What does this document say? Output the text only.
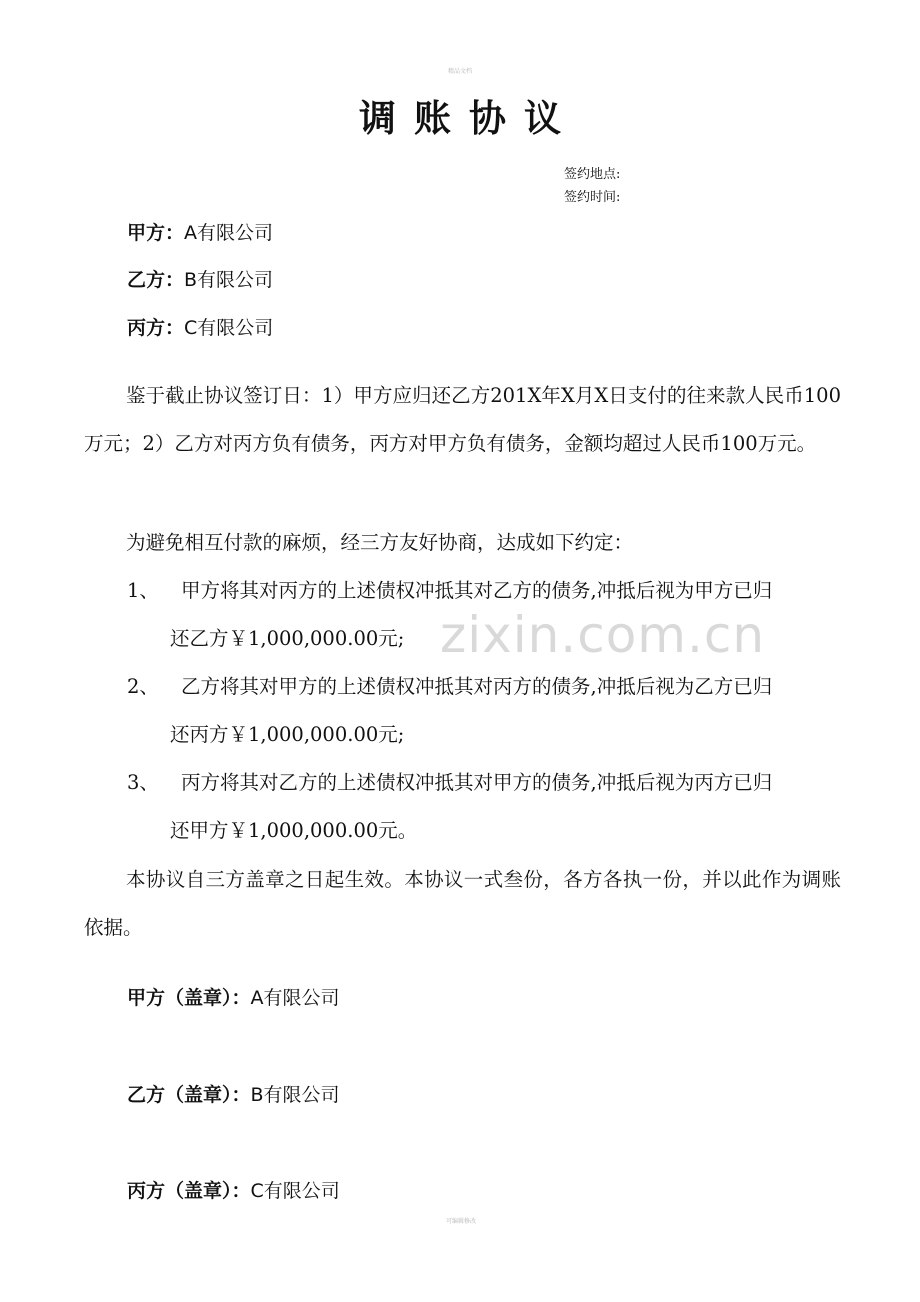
精品文档
调账协议
签约地点:
签约时间:
甲方：A有限公司
乙方：B有限公司
丙方：C有限公司

鉴于截止协议签订日：1）甲方应归还乙方201X年X月X日支付的往来款人民币100万元；2）乙方对丙方负有债务，丙方对甲方负有债务，金额均超过人民币100万元。

为避免相互付款的麻烦，经三方友好协商，达成如下约定：

1、 甲方将其对丙方的上述债权冲抵其对乙方的债务,冲抵后视为甲方已归
还乙方￥1,000,000.00元;
2、 乙方将其对甲方的上述债权冲抵其对丙方的债务,冲抵后视为乙方已归
还丙方￥1,000,000.00元;
3、 丙方将其对乙方的上述债权冲抵其对甲方的债务,冲抵后视为丙方已归
还甲方￥1,000,000.00元。

本协议自三方盖章之日起生效。本协议一式叁份，各方各执一份，并以此作为调账依据。

甲方（盖章）：A有限公司
乙方（盖章）：B有限公司
丙方（盖章）：C有限公司
zixin.com.cn
可编辑修改
